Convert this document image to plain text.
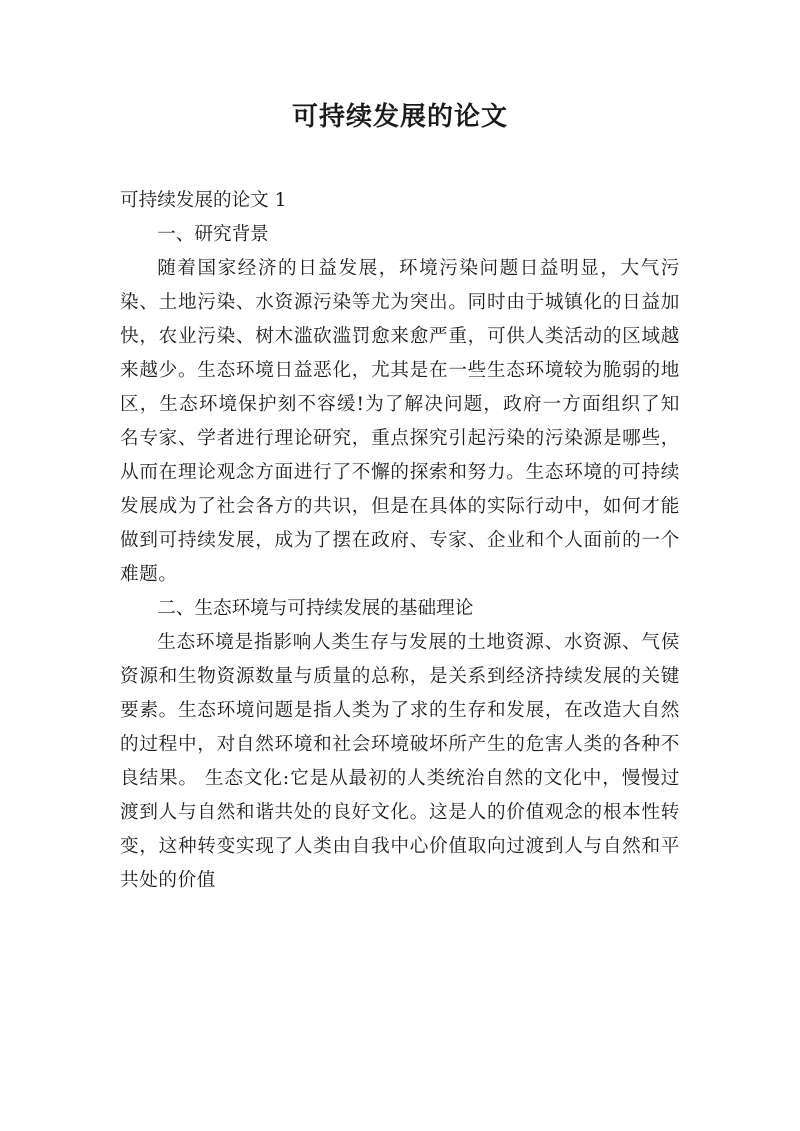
可持续发展的论文

可持续发展的论文 1

一、研究背景

随着国家经济的日益发展，环境污染问题日益明显，大气污染、土地污染、水资源污染等尤为突出。同时由于城镇化的日益加快，农业污染、树木滥砍滥罚愈来愈严重，可供人类活动的区域越来越少。生态环境日益恶化，尤其是在一些生态环境较为脆弱的地区，生态环境保护刻不容缓!为了解决问题，政府一方面组织了知名专家、学者进行理论研究，重点探究引起污染的污染源是哪些，从而在理论观念方面进行了不懈的探索和努力。生态环境的可持续发展成为了社会各方的共识，但是在具体的实际行动中，如何才能做到可持续发展，成为了摆在政府、专家、企业和个人面前的一个难题。

二、生态环境与可持续发展的基础理论

生态环境是指影响人类生存与发展的土地资源、水资源、气侯资源和生物资源数量与质量的总称，是关系到经济持续发展的关键要素。生态环境问题是指人类为了求的生存和发展，在改造大自然的过程中，对自然环境和社会环境破坏所产生的危害人类的各种不良结果。 生态文化:它是从最初的人类统治自然的文化中，慢慢过渡到人与自然和谐共处的良好文化。这是人的价值观念的根本性转变，这种转变实现了人类由自我中心价值取向过渡到人与自然和平共处的价值
